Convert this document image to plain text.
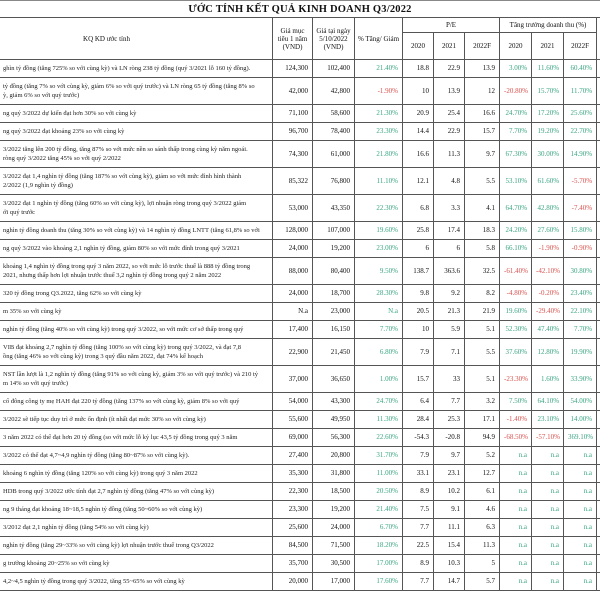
ƯỚC TÍNH KẾT QUẢ KINH DOANH Q3/2022
KQ KD ước tính	Giá mục tiêu 1 năm (VND)	Giá tại ngày 5/10/2022 (VND)	% Tăng/ Giảm	P/E			Tăng trưởng doanh thu (%)			
				2020	2021	2022F	2020	2021	2022F	

ghìn tỷ đồng (tăng 725% so với cùng kỳ) và LN ròng 238 tỷ đồng (quý 3/2021 lỗ 160 tỷ đồng).	124,300	102,400	21.40%	18.8	22.9	13.9	3.00%	11.60%	60.40%	

tỷ đồng (tăng 7% so với cùng kỳ, giảm 6% so với quý trước) và LN ròng 65 tỷ đồng (tăng 8% so
ỳ, giảm 6% so với quý trước)	42,000	42,800	-1.90%	10	13.9	12	-20.80%	15.70%	11.70%	

ng quý 3/2022 dự kiến đạt hơn 30% so với cùng kỳ	71,100	58,600	21.30%	20.9	25.4	16.6	24.70%	17.20%	25.60%	

ng quý 3/2022 đạt khoảng 23% so với cùng kỳ	96,700	78,400	23.30%	14.4	22.9	15.7	7.70%	19.20%	22.70%	

3/2022 tăng lên 200 tỷ đồng, tăng 87% so với mức nền so sánh thấp trong cùng kỳ năm ngoái.
ròng quý 3/2022 tăng 45% so với quý 2/2022	74,300	61,000	21.80%	16.6	11.3	9.7	67.30%	30.00%	14.90%	

3/2022 đạt 1,4 nghìn tỷ đồng (tăng 187% so với cùng kỳ), giảm so với mức đỉnh hình thành
2/2022 (1,9 nghìn tỷ đồng)	85,322	76,800	11.10%	12.1	4.8	5.5	53.10%	61.60%	-5.70%	

3/2022 đạt 1 nghìn tỷ đồng (tăng 60% so với cùng kỳ), lợi nhuận ròng trong quý 3/2022 giảm
ới quý trước	53,000	43,350	22.30%	6.8	3.3	4.1	64.70%	42.80%	-7.40%	

nghìn tỷ đồng doanh thu (tăng 30% so với cùng kỳ) và 14 nghìn tỷ đồng LNTT (tăng 61,8% so với	128,000	107,000	19.60%	25.8	17.4	18.3	24.20%	27.60%	15.80%	

ng quý 3/2022 vào khoảng 2,1 nghìn tỷ đồng, giảm 80% so với mức đỉnh trong quý 3/2021	24,000	19,200	23.00%	6	6	5.8	66.10%	-1.90%	-0.90%	

khoảng 1,4 nghìn tỷ đồng trong quý 3 năm 2022, so với mức lỗ trước thuế là 888 tỷ đồng trong
2021, nhưng thấp hơn lợi nhuận trước thuế 3,2 nghìn tỷ đồng trong quý 2 năm 2022	88,000	80,400	9.50%	138.7	363.6	32.5	-61.40%	-42.10%	30.80%	

320 tỷ đồng trong Q3.2022, tăng 62% so với cùng kỳ	24,000	18,700	28.30%	9.8	9.2	8.2	-4.80%	-0.20%	23.40%	

m 35% so với cùng kỳ	N.a	23,000	N.a	20.5	21.3	21.9	19.60%	-29.40%	22.10%	

nghìn tỷ đồng (tăng 40% so với cùng kỳ) trong quý 3/2022, so với mức cơ sở thấp trong quý	17,400	16,150	7.70%	10	5.9	5.1	52.30%	47.40%	7.70%	

VIB đạt khoảng 2,7 nghìn tỷ đồng (tăng 100% so với cùng kỳ) trong quý 3/2022, và đạt 7,8
ồng (tăng 46% so với cùng kỳ) trong 3 quý đầu năm 2022, đạt 74% kế hoạch	22,900	21,450	6.80%	7.9	7.1	5.5	37.60%	12.80%	19.90%	

NST lần lượt là 1,2 nghìn tỷ đồng (tăng 91% so với cùng kỳ, giảm 3% so với quý trước) và 210 tỷ
m 14% so với quý trước)	37,000	36,650	1.00%	15.7	33	5.1	-23.30%	1.60%	33.90%	

cổ đông công ty mẹ HAH đạt 220 tỷ đồng (tăng 137% so với cùng kỳ, giảm 8% so với quý	54,000	43,300	24.70%	6.4	7.7	3.2	7.50%	64.10%	54.00%	

3/2022 sẽ tiếp tục duy trì ở mức ổn định (ít nhất đạt mức 30% so với cùng kỳ)	55,600	49,950	11.30%	28.4	25.3	17.1	-1.40%	23.10%	14.00%	

3 năm 2022 có thể đạt hơn 20 tỷ đồng (so với mức lỗ kỷ lục 43,5 tỷ đồng trong quý 3 năm	69,000	56,300	22.60%	-54.3	-20.8	94.9	-68.50%	-57.10%	369.10%	

3/2022 có thể đạt 4,7~4,9 nghìn tỷ đồng (tăng 80~87% so với cùng kỳ).	27,400	20,800	31.70%	7.9	9.7	5.2	n.a	n.a	n.a	

khoảng 6 nghìn tỷ đồng (tăng 120% so với cùng kỳ) trong quý 3 năm 2022	35,300	31,800	11.00%	33.1	23.1	12.7	n.a	n.a	n.a	

HDB trong quý 3/2022 ước tính đạt 2,7 nghìn tỷ đồng (tăng 47% so với cùng kỳ)	22,300	18,500	20.50%	8.9	10.2	6.1	n.a	n.a	n.a	

ng 9 tháng đạt khoảng 18~18,5 nghìn tỷ đồng (tăng 50~60% so với cùng kỳ)	23,300	19,200	21.40%	7.5	9.1	4.6	n.a	n.a	n.a	

3/2012 đạt 2,1 nghìn tỷ đồng (tăng 54% so với cùng kỳ)	25,600	24,000	6.70%	7.7	11.1	6.3	n.a	n.a	n.a	

nghìn tỷ đồng (tăng 29~33% so với cùng kỳ) lợi nhuận trước thuế trong Q3/2022	84,500	71,500	18.20%	22.5	15.4	11.3	n.a	n.a	n.a	

g trưởng khoảng 20~25% so với cùng kỳ	35,700	30,500	17.00%	8.9	10.3	5	n.a	n.a	n.a	

4,2~4,5 nghìn tỷ đồng trong quý 3/2022, tăng 55~65% so với cùng kỳ	20,000	17,000	17.60%	7.7	14.7	5.7	n.a	n.a	n.a	
